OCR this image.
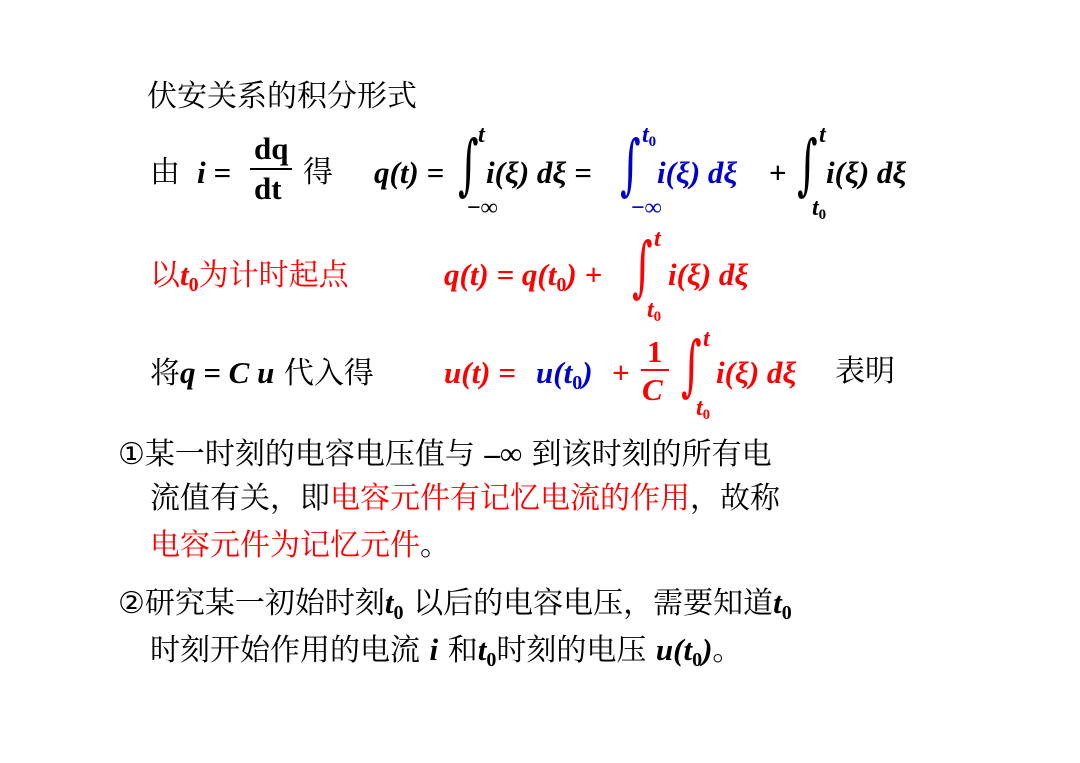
伏安关系的积分形式
由 i =
dq
dt 得 q(t) = ∫ t
−∞
i(ξ) dξ = ∫ t0
−∞
i(ξ) dξ + ∫ t
t0
i(ξ) dξ
以$t_0$为计时起点	$q(t) = q(t_0)$ + ∫ t
t0
i(ξ) dξ
将q = C u 代入得 $u(t) = u(t_0)$ +
1
C ∫ t
t0
i(ξ) dξ 表明
①某一时刻的电容电压值与 –∞ 到该时刻的所有电
流值有关，即电容元件有记忆电流的作用，故称
电容元件为记忆元件。
②研究某一初始时刻$t_0$ 以后的电容电压，需要知道$t_0$
时刻开始作用的电流 i 和$t_0$时刻的电压 $u(t_0)$。
